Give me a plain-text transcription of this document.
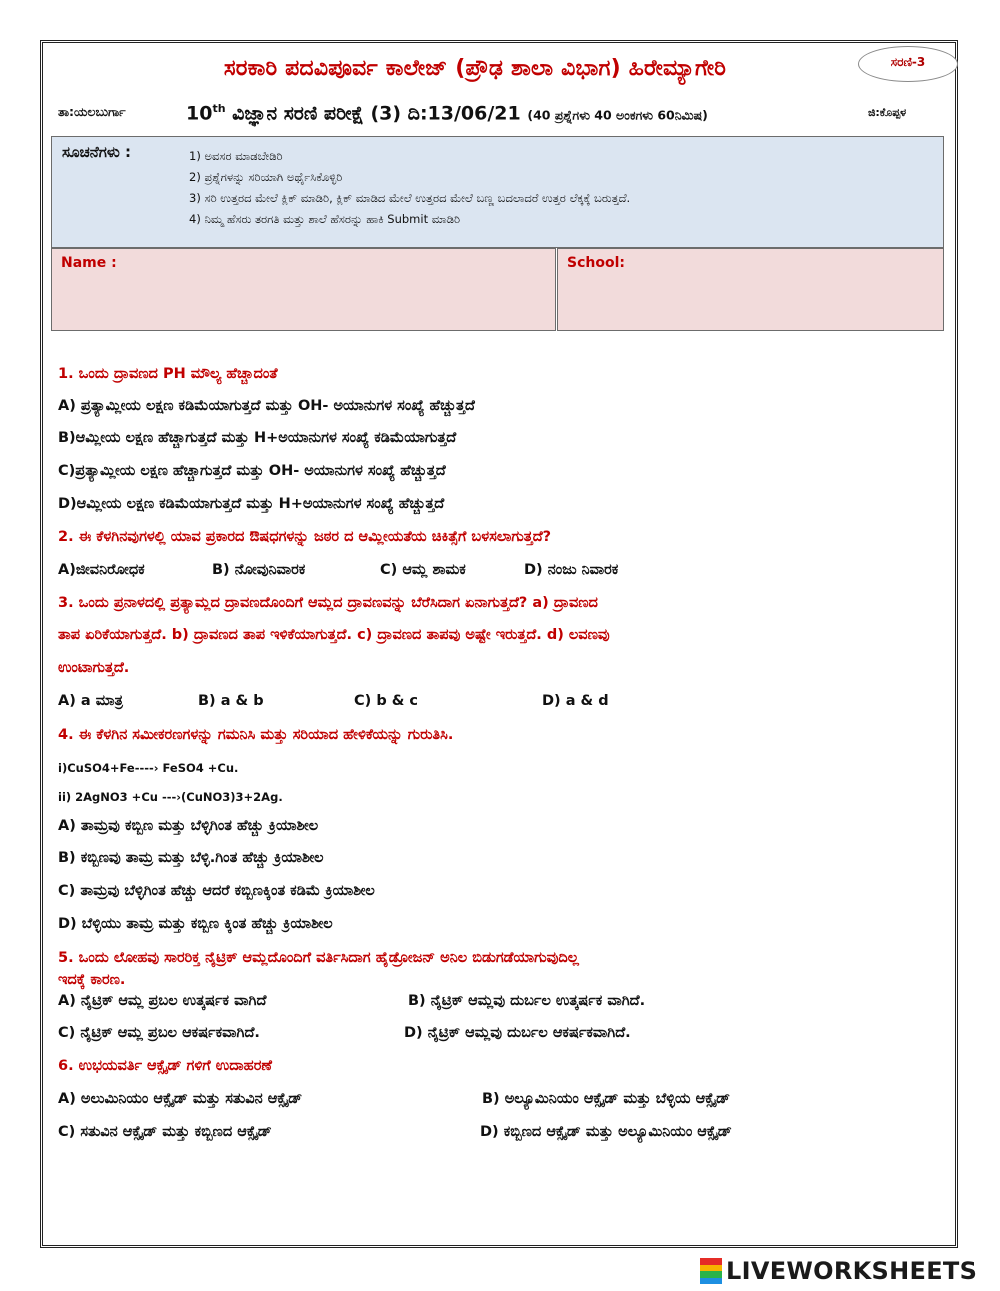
ಸರಣಿ-3
ಸರಕಾರಿ ಪದವಿಪೂರ್ವ ಕಾಲೇಜ್ (ಪ್ರೌಢ ಶಾಲಾ ವಿಭಾಗ) ಹಿರೇಮ್ಯಾಗೇರಿ
ತಾ:ಯಲಬುರ್ಗಾ	10th ವಿಜ್ಞಾನ ಸರಣಿ ಪರೀಕ್ಷೆ (3) ದಿ:13/06/21 (40 ಪ್ರಶ್ನೆಗಳು 40 ಅಂಕಗಳು 60ನಿಮಿಷ)	ಜಿ:ಕೊಪ್ಪಳ
ಸೂಚನೆಗಳು :	1) ಅವಸರ ಮಾಡಬೇಡಿರಿ
2) ಪ್ರಶ್ನೆಗಳನ್ನು ಸರಿಯಾಗಿ ಅರ್ಥೈಸಿಕೊಳ್ಳಿರಿ
3) ಸರಿ ಉತ್ತರದ ಮೇಲೆ ಕ್ಲಿಕ್ ಮಾಡಿರಿ, ಕ್ಲಿಕ್ ಮಾಡಿದ ಮೇಲೆ ಉತ್ತರದ ಮೇಲೆ ಬಣ್ಣ ಬದಲಾದರೆ ಉತ್ತರ ಲೆಕ್ಕಕ್ಕೆ ಬರುತ್ತದೆ.
4) ನಿಮ್ಮ ಹೆಸರು ತರಗತಿ ಮತ್ತು ಶಾಲೆ ಹೆಸರನ್ನು ಹಾಕಿ Submit ಮಾಡಿರಿ
Name :	School:
1. ಒಂದು ದ್ರಾವಣದ PH ಮೌಲ್ಯ ಹೆಚ್ಚಾದಂತೆ
A) ಪ್ರತ್ಯಾಮ್ಲೀಯ ಲಕ್ಷಣ ಕಡಿಮೆಯಾಗುತ್ತದೆ ಮತ್ತು OH- ಅಯಾನುಗಳ ಸಂಖ್ಯೆ ಹೆಚ್ಚುತ್ತದೆ
B)ಆಮ್ಲೀಯ ಲಕ್ಷಣ ಹೆಚ್ಚಾಗುತ್ತದೆ ಮತ್ತು H+ಅಯಾನುಗಳ ಸಂಖ್ಯೆ ಕಡಿಮೆಯಾಗುತ್ತದೆ
C)ಪ್ರತ್ಯಾಮ್ಲೀಯ ಲಕ್ಷಣ ಹೆಚ್ಚಾಗುತ್ತದೆ ಮತ್ತು OH- ಅಯಾನುಗಳ ಸಂಖ್ಯೆ ಹೆಚ್ಚುತ್ತದೆ
D)ಆಮ್ಲೀಯ ಲಕ್ಷಣ ಕಡಿಮೆಯಾಗುತ್ತದೆ ಮತ್ತು H+ಅಯಾನುಗಳ ಸಂಖ್ಯೆ ಹೆಚ್ಚುತ್ತದೆ
2. ಈ ಕೆಳಗಿನವುಗಳಲ್ಲಿ ಯಾವ ಪ್ರಕಾರದ ಔಷಧಗಳನ್ನು ಜಠರ ದ ಆಮ್ಲೀಯತೆಯ ಚಿಕಿತ್ಸೆಗೆ ಬಳಸಲಾಗುತ್ತದೆ?
A)ಜೀವನಿರೋಧಕ	B) ನೋವುನಿವಾರಕ	C) ಆಮ್ಲ ಶಾಮಕ	D) ನಂಜು ನಿವಾರಕ
3. ಒಂದು ಪ್ರನಾಳದಲ್ಲಿ ಪ್ರತ್ಯಾಮ್ಲದ ದ್ರಾವಣದೊಂದಿಗೆ ಆಮ್ಲದ ದ್ರಾವಣವನ್ನು ಬೆರೆಸಿದಾಗ ಏನಾಗುತ್ತದೆ? a) ದ್ರಾವಣದ
ತಾಪ ಏರಿಕೆಯಾಗುತ್ತದೆ. b) ದ್ರಾವಣದ ತಾಪ ಇಳಿಕೆಯಾಗುತ್ತದೆ. c) ದ್ರಾವಣದ ತಾಪವು ಅಷ್ಟೇ ಇರುತ್ತದೆ. d) ಲವಣವು
ಉಂಟಾಗುತ್ತದೆ.
A) a ಮಾತ್ರ	B) a & b	C) b & c	D) a & d
4. ಈ ಕೆಳಗಿನ ಸಮೀಕರಣಗಳನ್ನು ಗಮನಿಸಿ ಮತ್ತು ಸರಿಯಾದ ಹೇಳಿಕೆಯನ್ನು ಗುರುತಿಸಿ.
i)CuSO4+Fe----› FeSO4 +Cu.
ii) 2AgNO3 +Cu ---›(CuNO3)3+2Ag.
A) ತಾಮ್ರವು ಕಬ್ಬಿಣ ಮತ್ತು ಬೆಳ್ಳಿಗಿಂತ ಹೆಚ್ಚು ಕ್ರಿಯಾಶೀಲ
B) ಕಬ್ಬಿಣವು ತಾಮ್ರ ಮತ್ತು ಬೆಳ್ಳಿ.ಗಿಂತ ಹೆಚ್ಚು ಕ್ರಿಯಾಶೀಲ
C) ತಾಮ್ರವು ಬೆಳ್ಳಿಗಿಂತ ಹೆಚ್ಚು ಆದರೆ ಕಬ್ಬಿಣಕ್ಕಿಂತ ಕಡಿಮೆ ಕ್ರಿಯಾಶೀಲ
D) ಬೆಳ್ಳಿಯು ತಾಮ್ರ ಮತ್ತು ಕಬ್ಬಿಣ ಕ್ಕಿಂತ ಹೆಚ್ಚು ಕ್ರಿಯಾಶೀಲ
5. ಒಂದು ಲೋಹವು ಸಾರರಿಕ್ತ ನೈಟ್ರಿಕ್ ಆಮ್ಲದೊಂದಿಗೆ ವರ್ತಿಸಿದಾಗ ಹೈಡ್ರೋಜನ್ ಅನಿಲ ಬಿಡುಗಡೆಯಾಗುವುದಿಲ್ಲ
ಇದಕ್ಕೆ ಕಾರಣ.
A) ನೈಟ್ರಿಕ್ ಆಮ್ಲ ಪ್ರಬಲ ಉತ್ಕರ್ಷಕ ವಾಗಿದೆ	B) ನೈಟ್ರಿಕ್ ಆಮ್ಲವು ದುರ್ಬಲ ಉತ್ಕರ್ಷಕ ವಾಗಿದೆ.
C) ನೈಟ್ರಿಕ್ ಆಮ್ಲ ಪ್ರಬಲ ಆಕರ್ಷಕವಾಗಿದೆ.	D) ನೈಟ್ರಿಕ್ ಆಮ್ಲವು ದುರ್ಬಲ ಆಕರ್ಷಕವಾಗಿದೆ.
6. ಉಭಯವರ್ತಿ ಆಕ್ಸೈಡ್ ಗಳಿಗೆ ಉದಾಹರಣೆ
A) ಅಲುಮಿನಿಯಂ ಆಕ್ಸೈಡ್ ಮತ್ತು ಸತುವಿನ ಆಕ್ಸೈಡ್	B) ಅಲ್ಯೂಮಿನಿಯಂ ಆಕ್ಸೈಡ್ ಮತ್ತು ಬೆಳ್ಳಿಯ ಆಕ್ಸೈಡ್
C) ಸತುವಿನ ಆಕ್ಸೈಡ್ ಮತ್ತು ಕಬ್ಬಿಣದ ಆಕ್ಸೈಡ್	D) ಕಬ್ಬಿಣದ ಆಕ್ಸೈಡ್ ಮತ್ತು ಅಲ್ಯೂಮಿನಿಯಂ ಆಕ್ಸೈಡ್
LIVEWORKSHEETS
